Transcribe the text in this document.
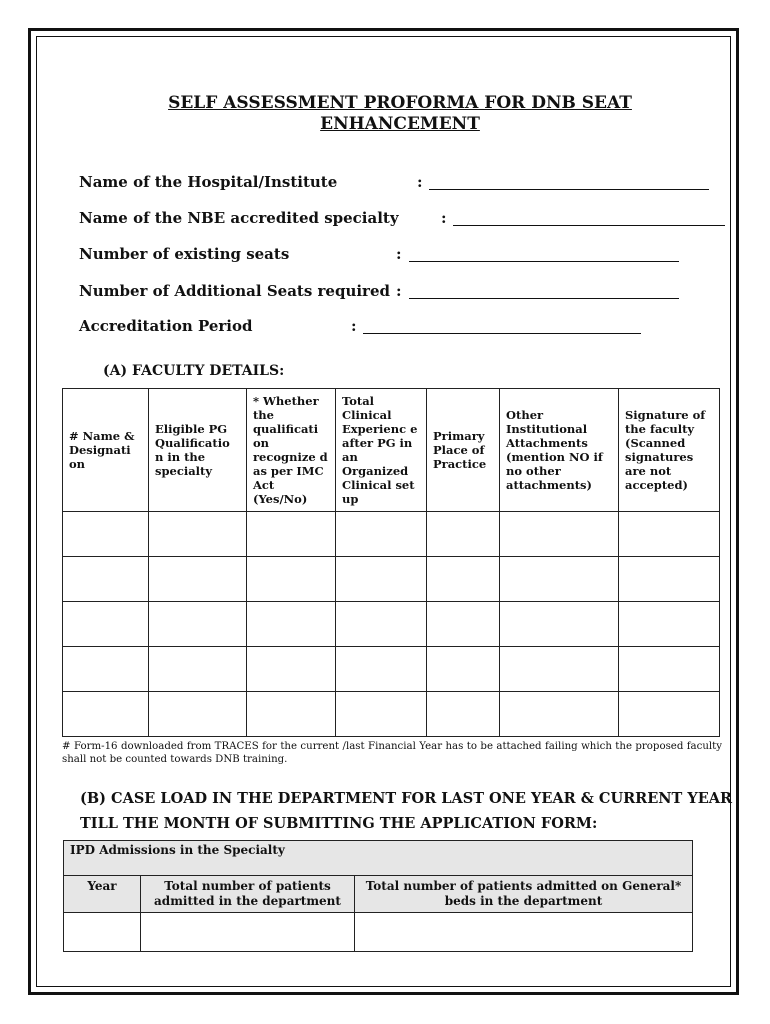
SELF ASSESSMENT PROFORMA FOR DNB SEAT
ENHANCEMENT
Name of the Hospital/Institute	:
Name of the NBE accredited specialty	:
Number of existing seats	:
Number of Additional Seats required :
Accreditation Period	:
(A) FACULTY DETAILS:
# Name & Designati on	Eligible PG Qualificatio n in the specialty	* Whether the qualificati on recognize d as per IMC Act (Yes/No)	Total Clinical Experienc e after PG in an Organized Clinical set up	Primary Place of Practice	Other Institutional Attachments (mention NO if no other attachments)	Signature of the faculty (Scanned signatures are not accepted)

# Form-16 downloaded from TRACES for the current /last Financial Year has to be attached failing which the proposed faculty shall not be counted towards DNB training.
(B) CASE LOAD IN THE DEPARTMENT FOR LAST ONE YEAR & CURRENT YEAR
TILL THE MONTH OF SUBMITTING THE APPLICATION FORM:
IPD Admissions in the Specialty		
Year	Total number of patients admitted in the department	Total number of patients admitted on General* beds in the department
